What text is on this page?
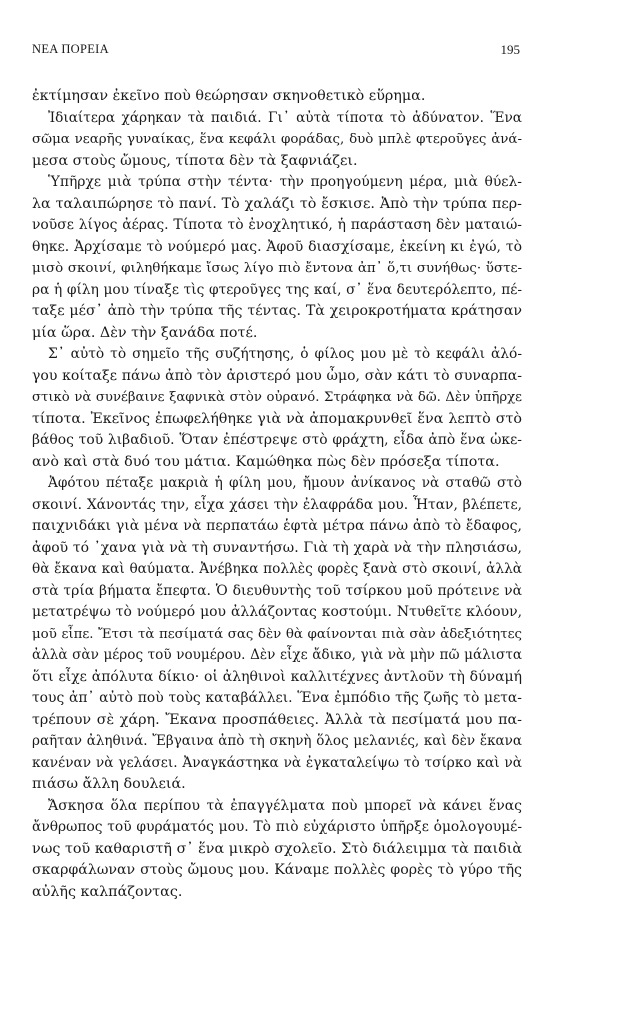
ΝΕΑ ΠΟΡΕΙΑ	195
ἐκτίμησαν ἐκεῖνο ποὺ θεώρησαν σκηνοθετικὸ εὕρημα.
Ἰδιαίτερα χάρηκαν τὰ παιδιά. Γι᾿ αὐτὰ τίποτα τὸ ἀδύνατον. Ἕνα
σῶμα νεαρῆς γυναίκας, ἕνα κεφάλι φοράδας, δυὸ μπλὲ φτεροῦγες ἀνά-
μεσα στοὺς ὤμους, τίποτα δὲν τὰ ξαφνιάζει.
Ὑπῆρχε μιὰ τρύπα στὴν τέντα· τὴν προηγούμενη μέρα, μιὰ θύελ-
λα ταλαιπώρησε τὸ πανί. Τὸ χαλάζι τὸ ἔσκισε. Ἀπὸ τὴν τρύπα περ-
νοῦσε λίγος ἀέρας. Τίποτα τὸ ἐνοχλητικό, ἡ παράσταση δὲν ματαιώ-
θηκε. Ἀρχίσαμε τὸ νούμερό μας. Ἀφοῦ διασχίσαμε, ἐκείνη κι ἐγώ, τὸ
μισὸ σκοινί, φιληθήκαμε ἴσως λίγο πιὸ ἔντονα ἀπ᾿ ὅ,τι συνήθως· ὕστε-
ρα ἡ φίλη μου τίναξε τὶς φτεροῦγες της καί, σ᾿ ἕνα δευτερόλεπτο, πέ-
ταξε μέσ᾿ ἀπὸ τὴν τρύπα τῆς τέντας. Τὰ χειροκροτήματα κράτησαν
μία ὥρα. Δὲν τὴν ξανάδα ποτέ.
Σ᾿ αὐτὸ τὸ σημεῖο τῆς συζήτησης, ὁ φίλος μου μὲ τὸ κεφάλι ἀλό-
γου κοίταξε πάνω ἀπὸ τὸν ἀριστερό μου ὦμο, σὰν κάτι τὸ συναρπα-
στικὸ νὰ συνέβαινε ξαφνικὰ στὸν οὐρανό. Στράφηκα νὰ δῶ. Δὲν ὑπῆρχε
τίποτα. Ἐκεῖνος ἐπωφελήθηκε γιὰ νὰ ἀπομακρυνθεῖ ἕνα λεπτὸ στὸ
βάθος τοῦ λιβαδιοῦ. Ὅταν ἐπέστρεψε στὸ φράχτη, εἶδα ἀπὸ ἕνα ὠκε-
ανὸ καὶ στὰ δυό του μάτια. Καμώθηκα πὼς δὲν πρόσεξα τίποτα.
Ἀφότου πέταξε μακριὰ ἡ φίλη μου, ἤμουν ἀνίκανος νὰ σταθῶ στὸ
σκοινί. Χάνοντάς την, εἶχα χάσει τὴν ἐλαφράδα μου. Ἦταν, βλέπετε,
παιχνιδάκι γιὰ μένα νὰ περπατάω ἑφτὰ μέτρα πάνω ἀπὸ τὸ ἔδαφος,
ἀφοῦ τό ᾿χανα γιὰ νὰ τὴ συναντήσω. Γιὰ τὴ χαρὰ νὰ τὴν πλησιάσω,
θὰ ἔκανα καὶ θαύματα. Ἀνέβηκα πολλὲς φορὲς ξανὰ στὸ σκοινί, ἀλλὰ
στὰ τρία βήματα ἔπεφτα. Ὁ διευθυντὴς τοῦ τσίρκου μοῦ πρότεινε νὰ
μετατρέψω τὸ νούμερό μου ἀλλάζοντας κοστούμι. Ντυθεῖτε κλόουν,
μοῦ εἶπε. Ἔτσι τὰ πεσίματά σας δὲν θὰ φαίνονται πιὰ σὰν ἀδεξιότητες
ἀλλὰ σὰν μέρος τοῦ νουμέρου. Δὲν εἶχε ἄδικο, γιὰ νὰ μὴν πῶ μάλιστα
ὅτι εἶχε ἀπόλυτα δίκιο· οἱ ἀληθινοὶ καλλιτέχνες ἀντλοῦν τὴ δύναμή
τους ἀπ᾿ αὐτὸ ποὺ τοὺς καταβάλλει. Ἕνα ἐμπόδιο τῆς ζωῆς τὸ μετα-
τρέπουν σὲ χάρη. Ἔκανα προσπάθειες. Ἀλλὰ τὰ πεσίματά μου πα-
ραῆταν ἀληθινά. Ἔβγαινα ἀπὸ τὴ σκηνὴ ὅλος μελανιές, καὶ δὲν ἔκανα
κανέναν νὰ γελάσει. Ἀναγκάστηκα νὰ ἐγκαταλείψω τὸ τσίρκο καὶ νὰ
πιάσω ἄλλη δουλειά.
Ἄσκησα ὅλα περίπου τὰ ἐπαγγέλματα ποὺ μπορεῖ νὰ κάνει ἕνας
ἄνθρωπος τοῦ φυράματός μου. Τὸ πιὸ εὐχάριστο ὑπῆρξε ὁμολογουμέ-
νως τοῦ καθαριστῆ σ᾿ ἕνα μικρὸ σχολεῖο. Στὸ διάλειμμα τὰ παιδιὰ
σκαρφάλωναν στοὺς ὤμους μου. Κάναμε πολλὲς φορὲς τὸ γύρο τῆς
αὐλῆς καλπάζοντας.
